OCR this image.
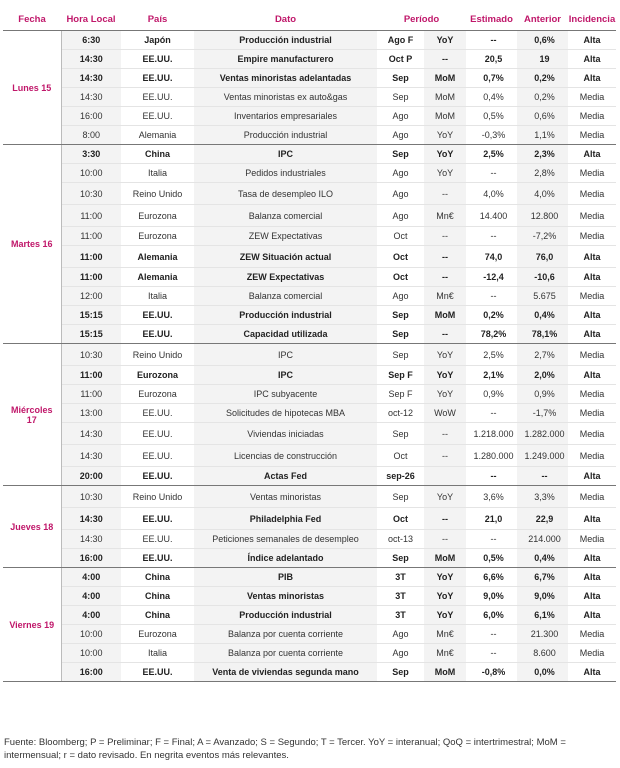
Fecha	Hora Local	País	Dato	Período		Estimado	Anterior	Incidencia
Lunes 15	6:30	Japón	Producción industrial	Ago F	YoY	--	0,6%	Alta
	14:30	EE.UU.	Empire manufacturero	Oct P	--	20,5	19	Alta
	14:30	EE.UU.	Ventas minoristas adelantadas	Sep	MoM	0,7%	0,2%	Alta
	14:30	EE.UU.	Ventas minoristas ex auto&gas	Sep	MoM	0,4%	0,2%	Media
	16:00	EE.UU.	Inventarios empresariales	Ago	MoM	0,5%	0,6%	Media
	8:00	Alemania	Producción industrial	Ago	YoY	-0,3%	1,1%	Media
Martes 16	3:30	China	IPC	Sep	YoY	2,5%	2,3%	Alta
	10:00	Italia	Pedidos industriales	Ago	YoY	--	2,8%	Media
	10:30	Reino Unido	Tasa de desempleo ILO	Ago	--	4,0%	4,0%	Media
	11:00	Eurozona	Balanza comercial	Ago	Mn€	14.400	12.800	Media
	11:00	Eurozona	ZEW Expectativas	Oct	--	--	-7,2%	Media
	11:00	Alemania	ZEW Situación actual	Oct	--	74,0	76,0	Alta
	11:00	Alemania	ZEW Expectativas	Oct	--	-12,4	-10,6	Alta
	12:00	Italia	Balanza comercial	Ago	Mn€	--	5.675	Media
	15:15	EE.UU.	Producción industrial	Sep	MoM	0,2%	0,4%	Alta
	15:15	EE.UU.	Capacidad utilizada	Sep	--	78,2%	78,1%	Alta
Miércoles 17	10:30	Reino Unido	IPC	Sep	YoY	2,5%	2,7%	Media
	11:00	Eurozona	IPC	Sep F	YoY	2,1%	2,0%	Alta
	11:00	Eurozona	IPC subyacente	Sep F	YoY	0,9%	0,9%	Media
	13:00	EE.UU.	Solicitudes de hipotecas MBA	oct-12	WoW	--	-1,7%	Media
	14:30	EE.UU.	Viviendas iniciadas	Sep	--	1.218.000	1.282.000	Media
	14:30	EE.UU.	Licencias de construcción	Oct	--	1.280.000	1.249.000	Media
	20:00	EE.UU.	Actas Fed	sep-26		--	--	Alta
Jueves 18	10:30	Reino Unido	Ventas minoristas	Sep	YoY	3,6%	3,3%	Media
	14:30	EE.UU.	Philadelphia Fed	Oct	--	21,0	22,9	Alta
	14:30	EE.UU.	Peticiones semanales de desempleo	oct-13	--	--	214.000	Media
	16:00	EE.UU.	Índice adelantado	Sep	MoM	0,5%	0,4%	Alta
Viernes 19	4:00	China	PIB	3T	YoY	6,6%	6,7%	Alta
	4:00	China	Ventas minoristas	3T	YoY	9,0%	9,0%	Alta
	4:00	China	Producción industrial	3T	YoY	6,0%	6,1%	Alta
	10:00	Eurozona	Balanza por cuenta corriente	Ago	Mn€	--	21.300	Media
	10:00	Italia	Balanza por cuenta corriente	Ago	Mn€	--	8.600	Media
	16:00	EE.UU.	Venta de viviendas segunda mano	Sep	MoM	-0,8%	0,0%	Alta
Fuente: Bloomberg; P = Preliminar; F = Final; A = Avanzado; S = Segundo; T = Tercer. YoY = interanual; QoQ = intertrimestral; MoM = intermensual; r = dato revisado. En negrita eventos más relevantes.
